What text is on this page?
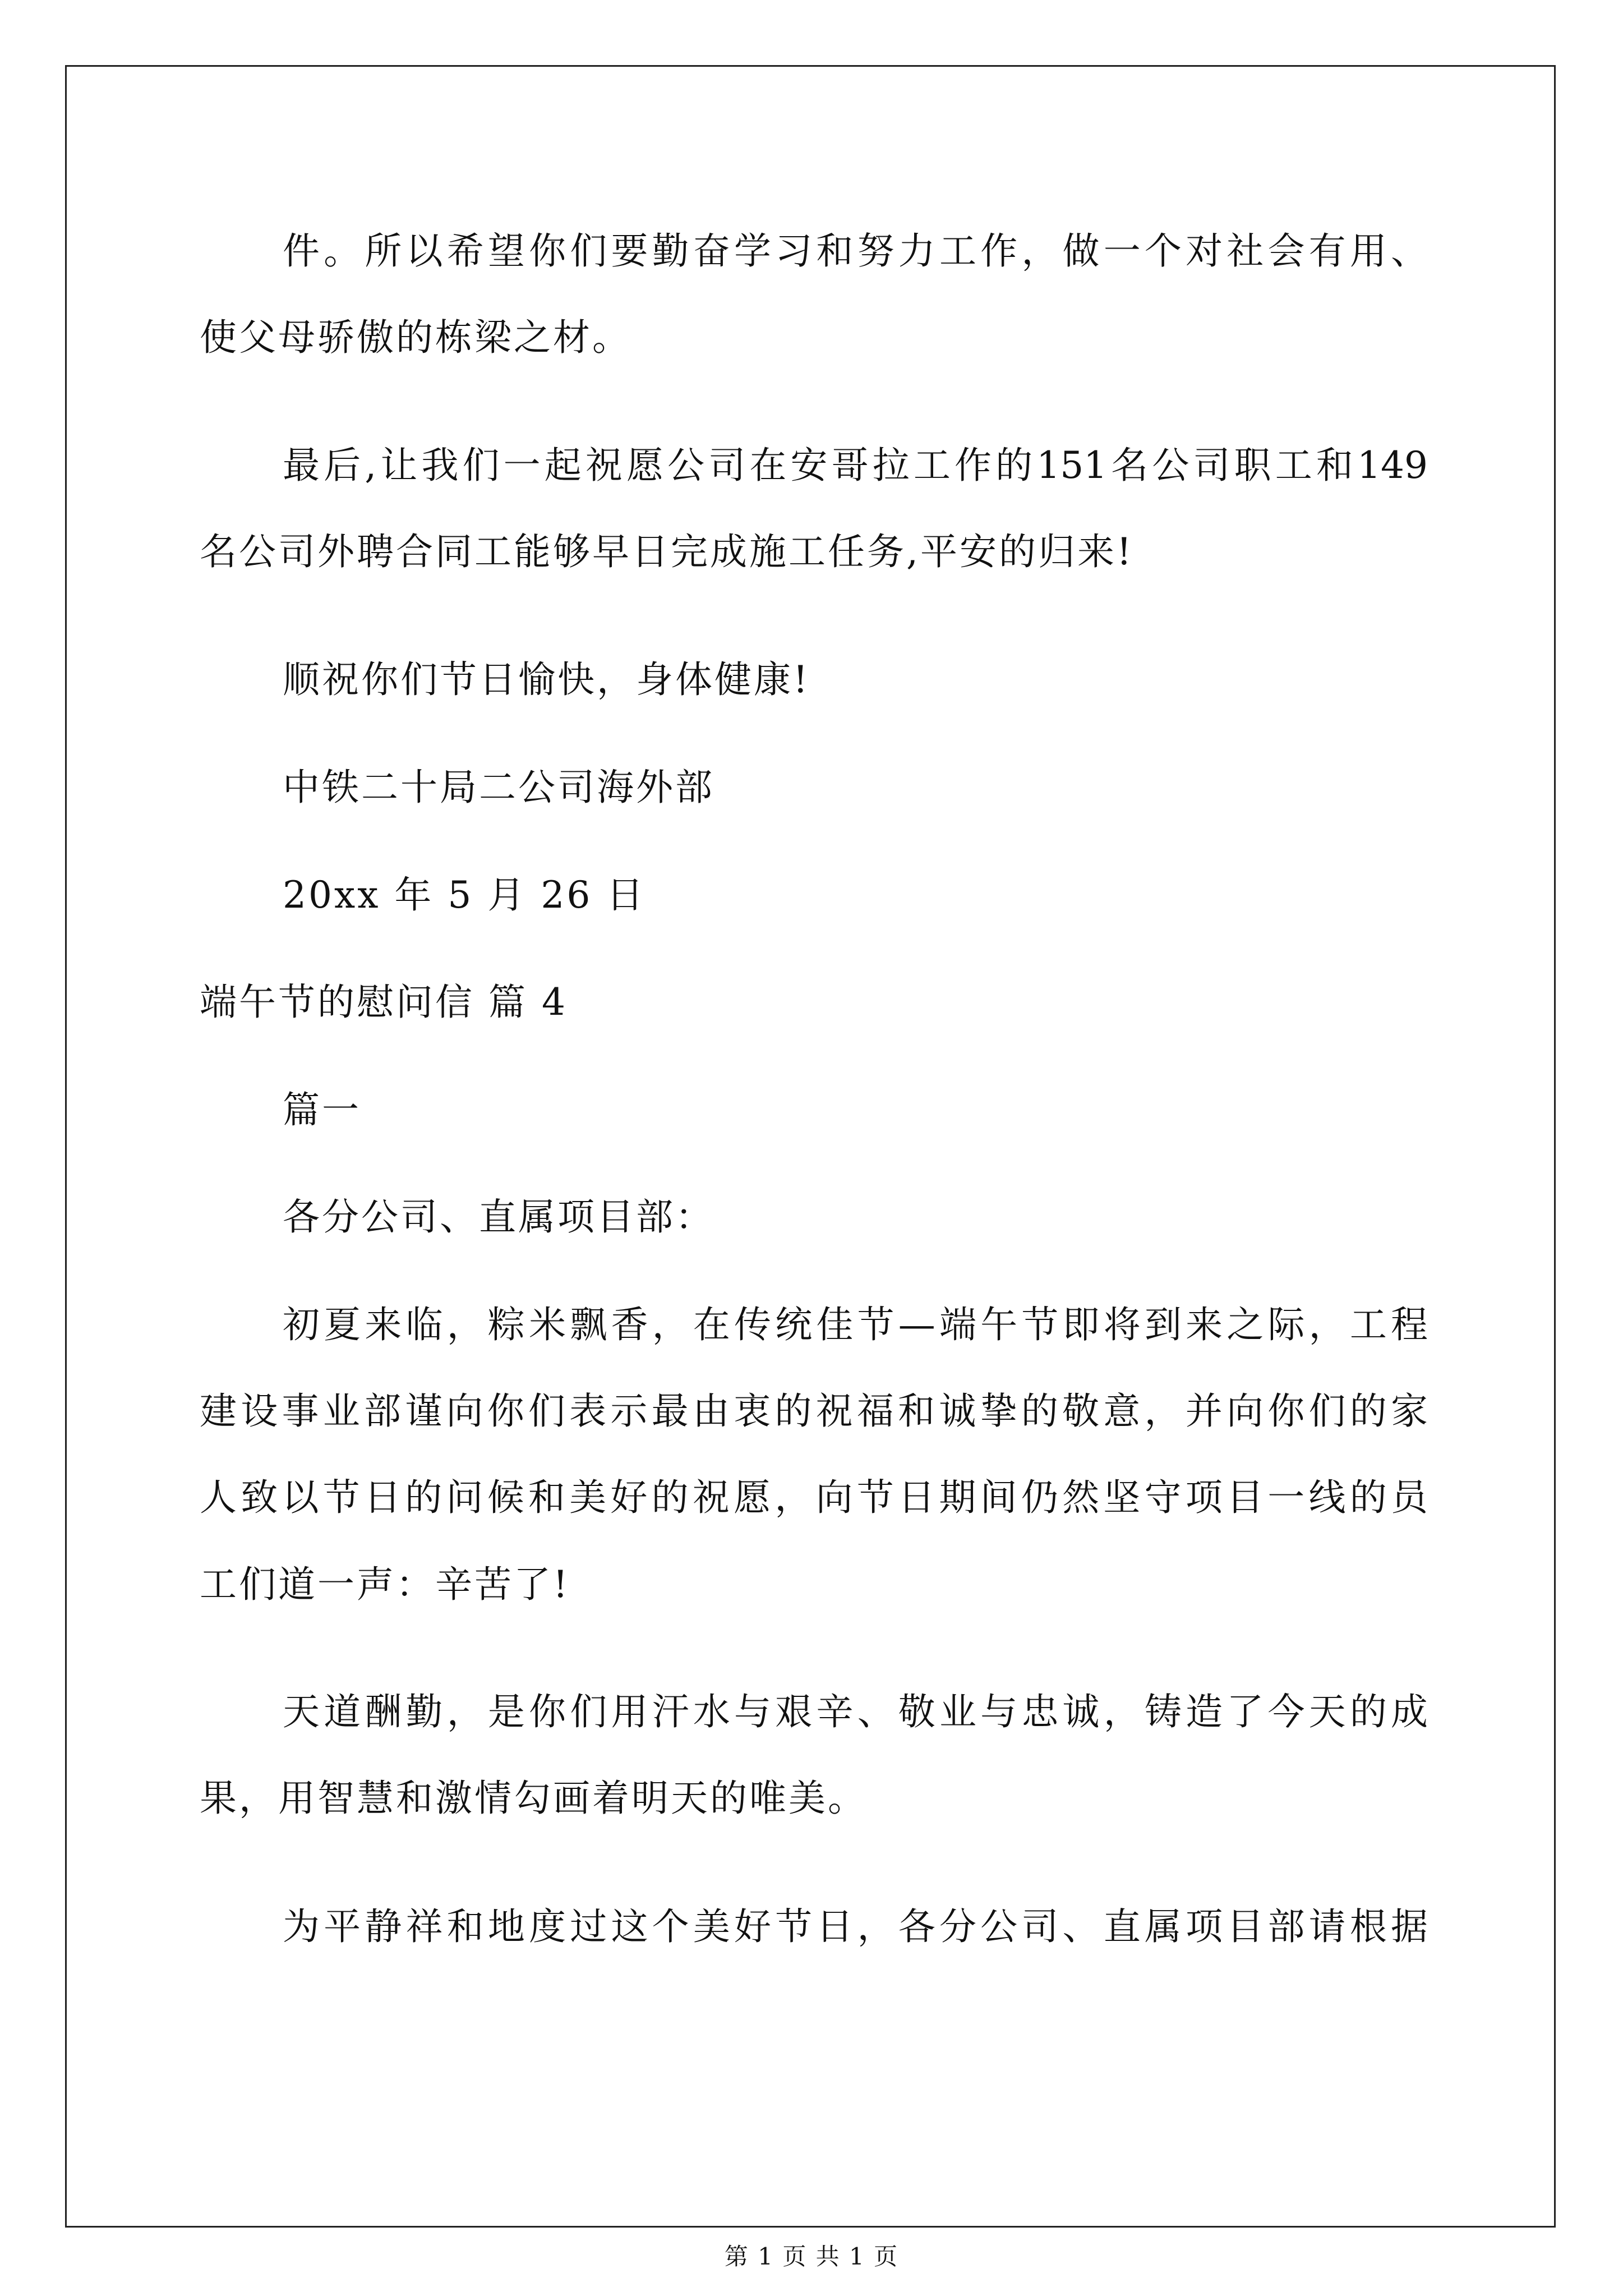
件。所以希望你们要勤奋学习和努力工作，做一个对社会有用、
使父母骄傲的栋梁之材。
最后,让我们一起祝愿公司在安哥拉工作的151名公司职工和149
名公司外聘合同工能够早日完成施工任务,平安的归来!
顺祝你们节日愉快，身体健康!
中铁二十局二公司海外部
20xx 年 5 月 26 日
端午节的慰问信 篇 4
篇一
各分公司、直属项目部：
初夏来临，粽米飘香，在传统佳节—端午节即将到来之际，工程
建设事业部谨向你们表示最由衷的祝福和诚挚的敬意，并向你们的家
人致以节日的问候和美好的祝愿，向节日期间仍然坚守项目一线的员
工们道一声：辛苦了!
天道酬勤，是你们用汗水与艰辛、敬业与忠诚，铸造了今天的成
果，用智慧和激情勾画着明天的唯美。
为平静祥和地度过这个美好节日，各分公司、直属项目部请根据
第 1 页 共 1 页
